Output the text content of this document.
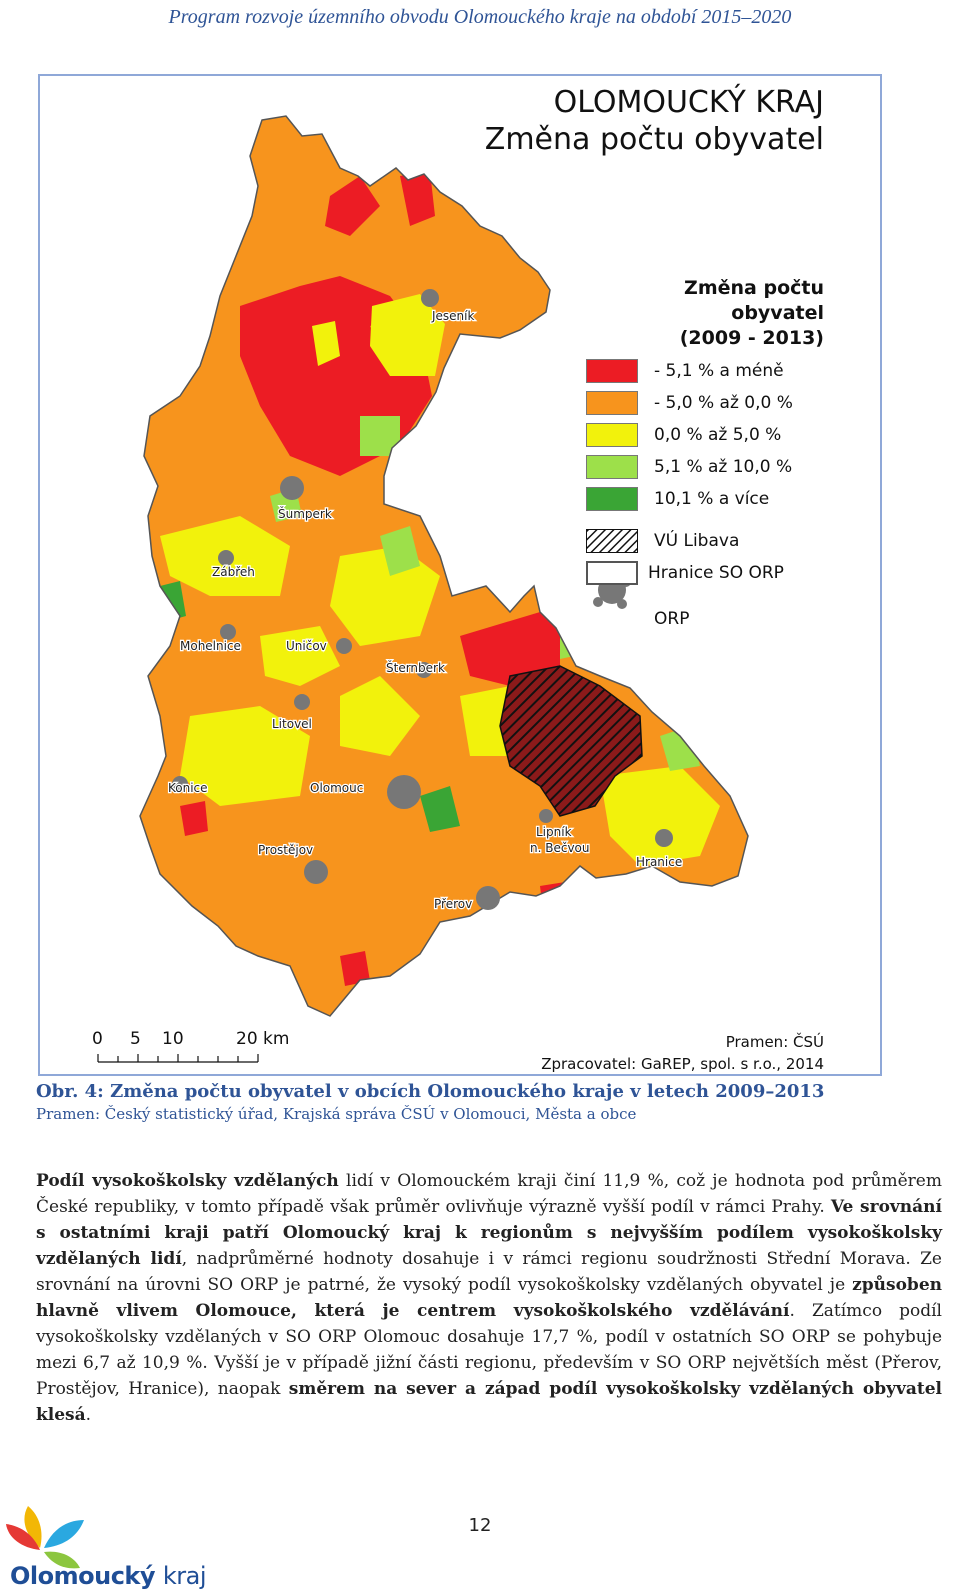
Program rozvoje územního obvodu Olomouckého kraje na období 2015–2020
Jeseník
Šumperk
Zábřeh
Mohelnice	Uničov
Šternberk
Litovel
Konice	Olomouc
Lipník
n. Bečvou
Hranice
Prostějov
Přerov
OLOMOUCKÝ KRAJ
Změna počtu obyvatel
Změna počtu obyvatel
(2009 - 2013)
- 5,1 % a méně
- 5,0 % až 0,0 %
0,0 % až 5,0 %
5,1 % až 10,0 %
10,1 % a více
VÚ Libava
Hranice SO ORP
ORP
0 5 10	20 km	Pramen: ČSÚ
Zpracovatel: GaREP, spol. s r.o., 2014
Obr. 4: Změna počtu obyvatel v obcích Olomouckého kraje v letech 2009–2013
Pramen: Český statistický úřad, Krajská správa ČSÚ v Olomouci, Města a obce
Podíl vysokoškolsky vzdělaných lidí v Olomouckém kraji činí 11,9 %, což je hodnota pod průměrem České republiky, v tomto případě však průměr ovlivňuje výrazně vyšší podíl v rámci Prahy. Ve srovnání s ostatními kraji patří Olomoucký kraj k regionům s nejvyšším podílem vysokoškolsky vzdělaných lidí, nadprůměrné hodnoty dosahuje i v rámci regionu soudržnosti Střední Morava. Ze srovnání na úrovni SO ORP je patrné, že vysoký podíl vysokoškolsky vzdělaných obyvatel je způsoben hlavně vlivem Olomouce, která je centrem vysokoškolského vzdělávání. Zatímco podíl vysokoškolsky vzdělaných v SO ORP Olomouc dosahuje 17,7 %, podíl v ostatních SO ORP se pohybuje mezi 6,7 až 10,9 %. Vyšší je v případě jižní části regionu, především v SO ORP největších měst (Přerov, Prostějov, Hranice), naopak směrem na sever a západ podíl vysokoškolsky vzdělaných obyvatel klesá.
Olomoucký kraj
12
